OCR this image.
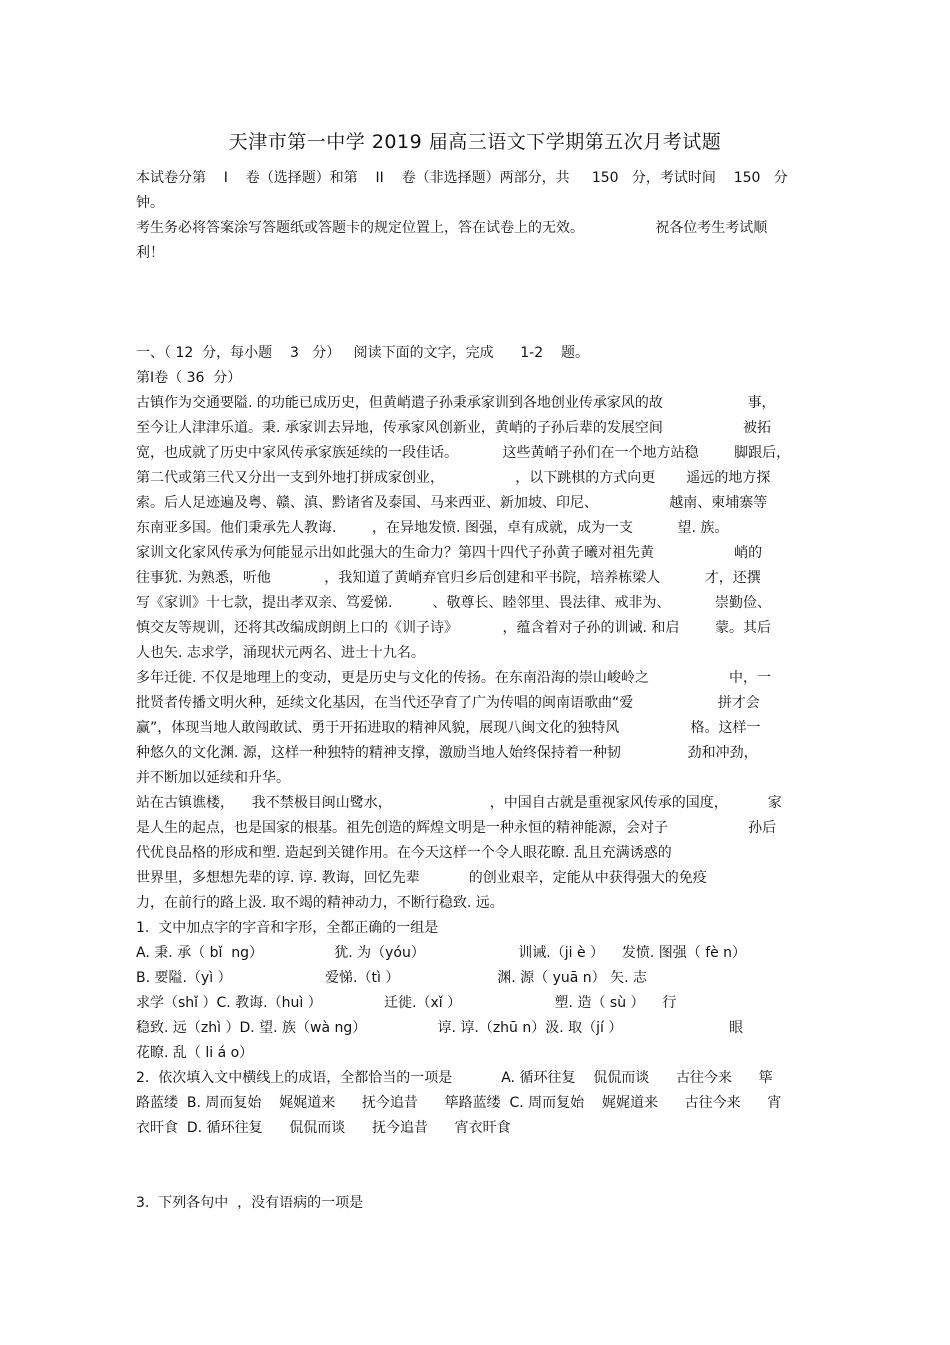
天津市第一中学 2019 届高三语文下学期第五次月考试题
本试卷分第    I    卷（选择题）和第    II    卷（非选择题）两部分，共     150   分，考试时间    150   分
钟。
考生务必将答案涂写答题纸或答题卡的规定位置上，答在试卷上的无效。                祝各位考生考试顺
利！
一、（ 12  分，每小题    3   分）   阅读下面的文字，完成      1-2    题。
第Ⅰ卷（ 36  分）
古镇作为交通要隘. 的功能已成历史，但黄峭遣子孙秉承家训到各地创业传承家风的故                   事，
至今让人津津乐道。秉. 承家训去异地，传承家风创新业，黄峭的子孙后辈的发展空间                  被拓
宽，也成就了历史中家风传承家族延续的一段佳话。          这些黄峭子孙们在一个地方站稳        脚跟后，
第二代或第三代又分出一支到外地打拼成家创业，                ，以下跳棋的方式向更       遥远的地方探
索。后人足迹遍及粤、赣、滇、黔诸省及泰国、马来西亚、新加坡、印尼、                越南、柬埔寨等
东南亚多国。他们秉承先人教诲.        ，在异地发愤. 图强，卓有成就，成为一支          望. 族。
家训文化家风传承为何能显示出如此强大的生命力？第四十四代子孙黄子曦对祖先黄                  峭的
往事犹. 为熟悉，听他            ，我知道了黄峭弃官归乡后创建和平书院，培养栋梁人          才，还撰
写《家训》十七款，提出孝双亲、笃爱悌.         、敬尊长、睦邻里、畏法律、戒非为、          崇勤俭、
慎交友等规训，还将其改编成朗朗上口的《训子诗》          ，蕴含着对子孙的训诫. 和启        蒙。其后
人也矢. 志求学，涌现状元两名、进士十九名。
多年迁徙. 不仅是地理上的变动，更是历史与文化的传扬。在东南沿海的崇山峻岭之                  中，一
批贤者传播文明火种，延续文化基因，在当代还孕育了广为传唱的闽南语歌曲“爱                   拼才会
赢”，体现当地人敢闯敢试、勇于开拓进取的精神风貌，展现八闽文化的独特风                格。这样一
种悠久的文化渊. 源，这样一种独特的精神支撑，激励当地人始终保持着一种韧               劲和冲劲，
并不断加以延续和升华。
站在古镇谯楼，    我不禁极目闽山鹭水，                      ，中国自古就是重视家风传承的国度，         家
是人生的起点，也是国家的根基。祖先创造的辉煌文明是一种永恒的精神能源，会对子                  孙后
代优良品格的形成和塑. 造起到关键作用。在今天这样一个令人眼花瞭. 乱且充满诱惑的
世界里，多想想先辈的谆. 谆. 教诲，回忆先辈           的创业艰辛，定能从中获得强大的免疫
力，在前行的路上汲. 取不竭的精神动力，不断行稳致. 远。
1.  文中加点字的字音和字形，全都正确的一组是
A. 秉. 承（ bǐ  ng）                犹. 为（yóu）                     训诫.（ji è ）    发愤. 图强（ fè n）
B. 要隘.（yì ）                     爱悌.（tì ）                      渊. 源（ yuā n） 矢. 志
求学（shǐ ）C. 教诲.（huì ）              迁徙.（xǐ ）                     塑. 造（ sù ）    行
稳致. 远（zhì ）D. 望. 族（wà ng）                谆. 谆.（zhū n）汲. 取（jí ）                        眼
花瞭. 乱（ li á o）
2.  依次填入文中横线上的成语，全都恰当的一项是           A. 循环往复    侃侃而谈      古往今来      筚
路蓝缕  B. 周而复始    娓娓道来      抚今追昔      筚路蓝缕  C. 周而复始    娓娓道来      古往今来      宵
衣旰食  D. 循环往复      侃侃而谈      抚今追昔      宵衣旰食
3.  下列各句中  ，没有语病的一项是
